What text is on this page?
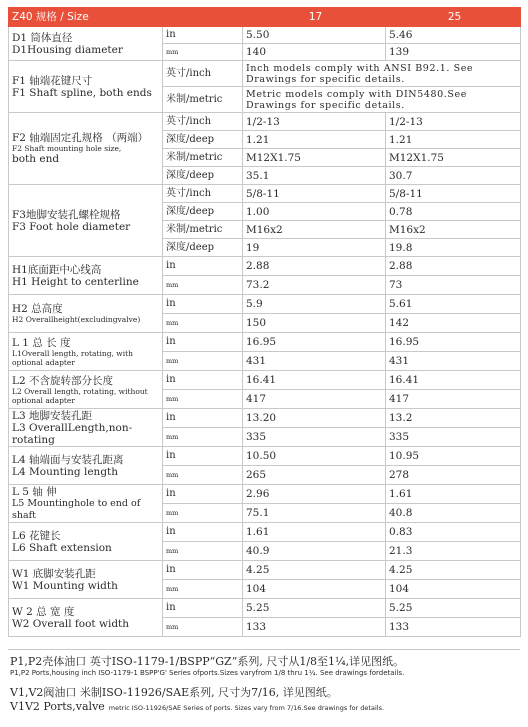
Z40 规格 / Size		17	25

D1 筒体直径
D1Housing diameter	in	5.50	5.46
	mm	140	139

F1 轴端花键尺寸
F1 Shaft spline, both ends	英寸/inch	Inch models comply with ANSI B92.1. See Drawings for specific details.	
	米制/metric	Metric models comply with DIN5480.See Drawings for specific details.	

F2 轴端固定孔规格 （两端）
F2 Shaft mounting hole size,
both end	英寸/inch	1/2-13	1/2-13
	深度/deep	1.21	1.21
	米制/metric	M12X1.75	M12X1.75
	深度/deep	35.1	30.7

F3地脚安装孔螺栓规格
F3 Foot hole diameter	英寸/inch	5/8-11	5/8-11
	深度/deep	1.00	0.78
	米制/metric	M16x2	M16x2
	深度/deep	19	19.8

H1底面距中心线高
H1 Height to centerline	in	2.88	2.88
	mm	73.2	73

H2 总高度
H2 Overallheight(excludingvalve)	in	5.9	5.61
	mm	150	142

L 1 总 长 度
L1Overall length, rotating, with optional adapter	in	16.95	16.95
	mm	431	431

L2 不含旋转部分长度
L2 Overall length, rotating, without optional adapter	in	16.41	16.41
	mm	417	417

L3 地脚安装孔距
L3 OverallLength,non-rotating	in	13.20	13.2
	mm	335	335

L4 轴端面与安装孔距离
L4 Mounting length	in	10.50	10.95
	mm	265	278

L 5 轴 伸
L5 Mountinghole to end of shaft	in	2.96	1.61
	mm	75.1	40.8

L6 花键长
L6 Shaft extension	in	1.61	0.83
	mm	40.9	21.3

W1 底脚安装孔距
W1 Mounting width	in	4.25	4.25
	mm	104	104

W 2 总 宽 度
W2 Overall foot width	in	5.25	5.25
	mm	133	133
P1,P2壳体油口 英寸ISO-1179-1/BSPP“GZ”系列, 尺寸从1/8至1¼,详见图纸。
P1,P2 Ports,housing inch ISO-1179-1 BSPP'G' Series ofports.Sizes varyfrom 1/8 thru 1¼. See drawings fordetails.
V1,V2阀油口 米制ISO-11926/SAE系列, 尺寸为7/16, 详见图纸。
V1V2 Ports,valve metric ISO-11926/SAE Series of ports. Sizes vary from 7/16.See drawings for details.
